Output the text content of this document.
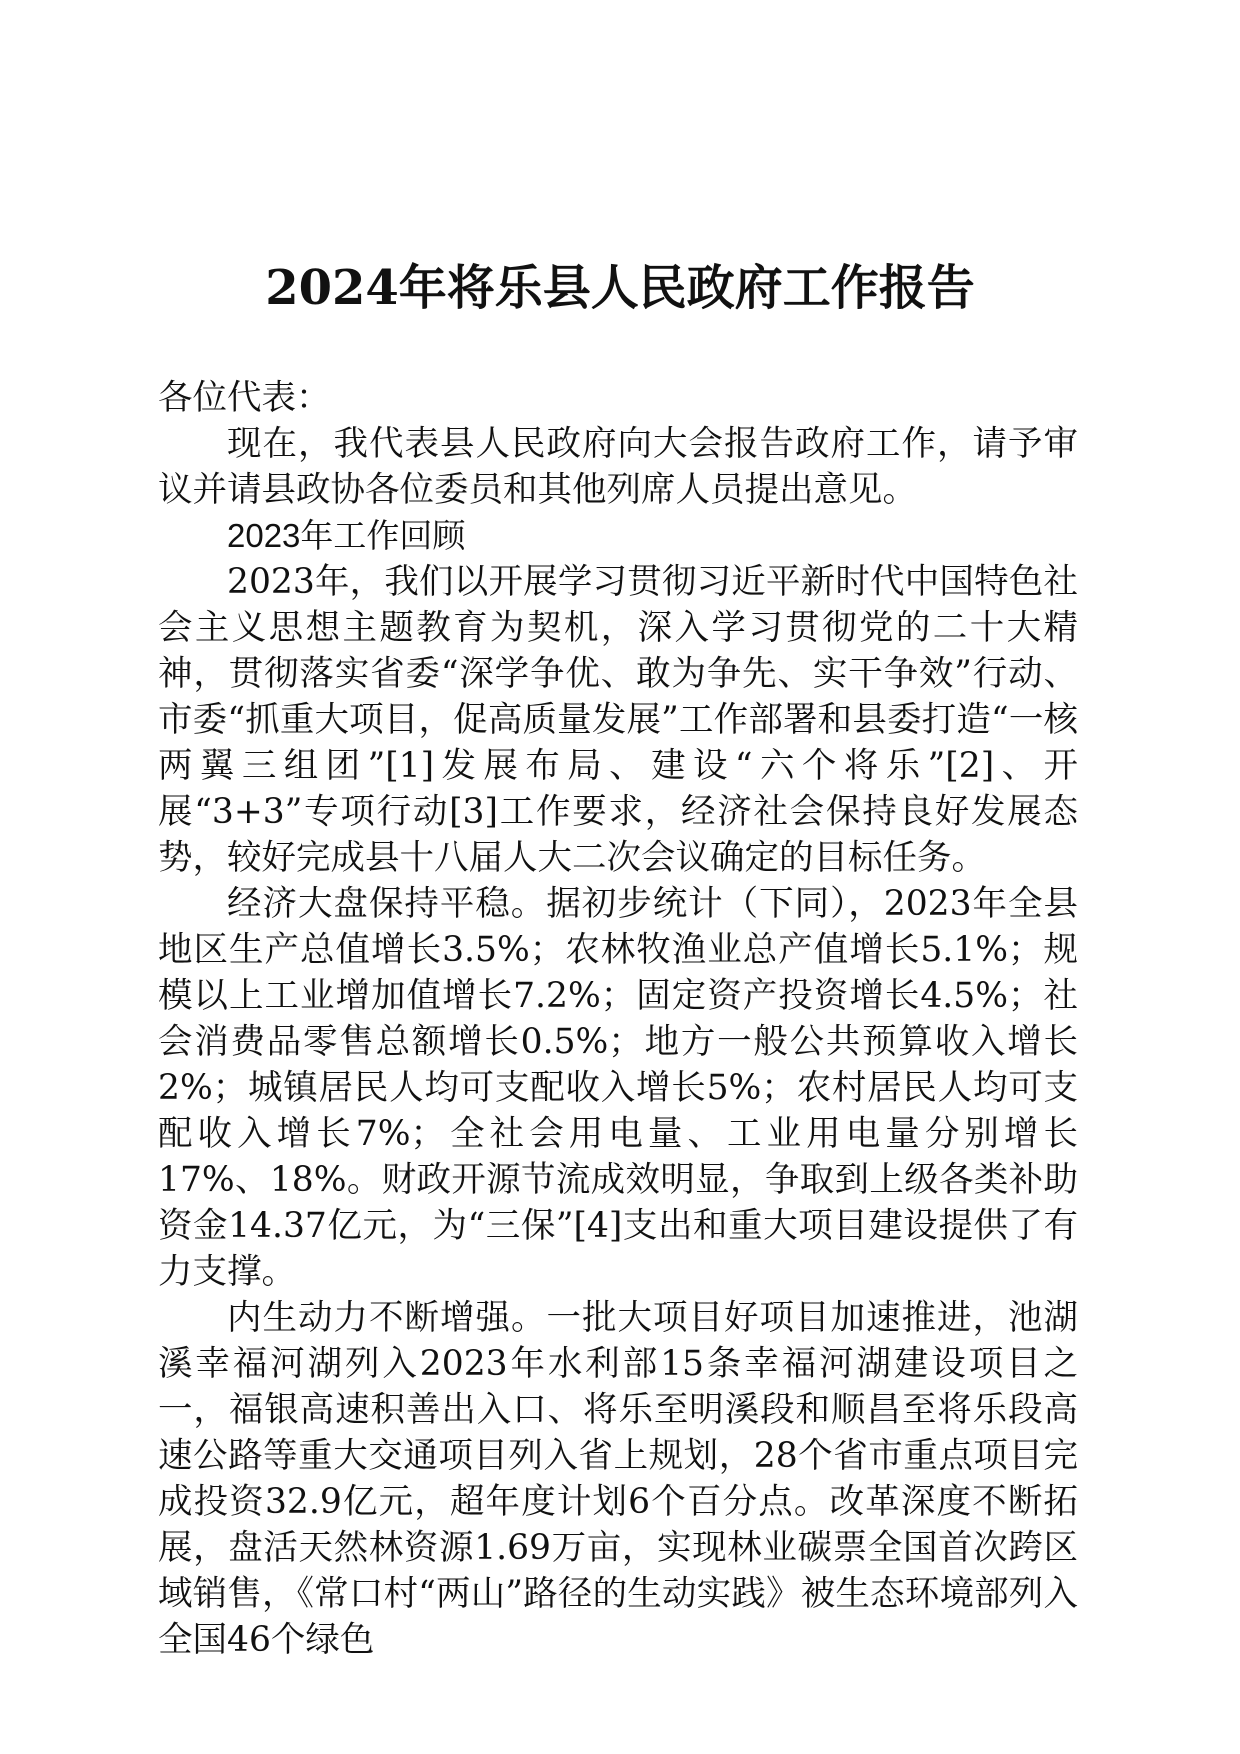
2024年将乐县人民政府工作报告

各位代表：

现在，我代表县人民政府向大会报告政府工作，请予审议并请县政协各位委员和其他列席人员提出意见。

2023年工作回顾

2023年，我们以开展学习贯彻习近平新时代中国特色社会主义思想主题教育为契机，深入学习贯彻党的二十大精神，贯彻落实省委“深学争优、敢为争先、实干争效”行动、市委“抓重大项目，促高质量发展”工作部署和县委打造“一核两翼三组团”[1]发展布局、建设“六个将乐”[2]、开展“3+3”专项行动[3]工作要求，经济社会保持良好发展态势，较好完成县十八届人大二次会议确定的目标任务。

经济大盘保持平稳。据初步统计（下同），2023年全县地区生产总值增长3.5%；农林牧渔业总产值增长5.1%；规模以上工业增加值增长7.2%；固定资产投资增长4.5%；社会消费品零售总额增长0.5%；地方一般公共预算收入增长2%；城镇居民人均可支配收入增长5%；农村居民人均可支配收入增长7%；全社会用电量、工业用电量分别增长17%、18%。财政开源节流成效明显，争取到上级各类补助资金14.37亿元，为“三保”[4]支出和重大项目建设提供了有力支撑。

内生动力不断增强。一批大项目好项目加速推进，池湖溪幸福河湖列入2023年水利部15条幸福河湖建设项目之一，福银高速积善出入口、将乐至明溪段和顺昌至将乐段高速公路等重大交通项目列入省上规划，28个省市重点项目完成投资32.9亿元，超年度计划6个百分点。改革深度不断拓展，盘活天然林资源1.69万亩，实现林业碳票全国首次跨区域销售，《常口村“两山”路径的生动实践》被生态环境部列入全国46个绿色
